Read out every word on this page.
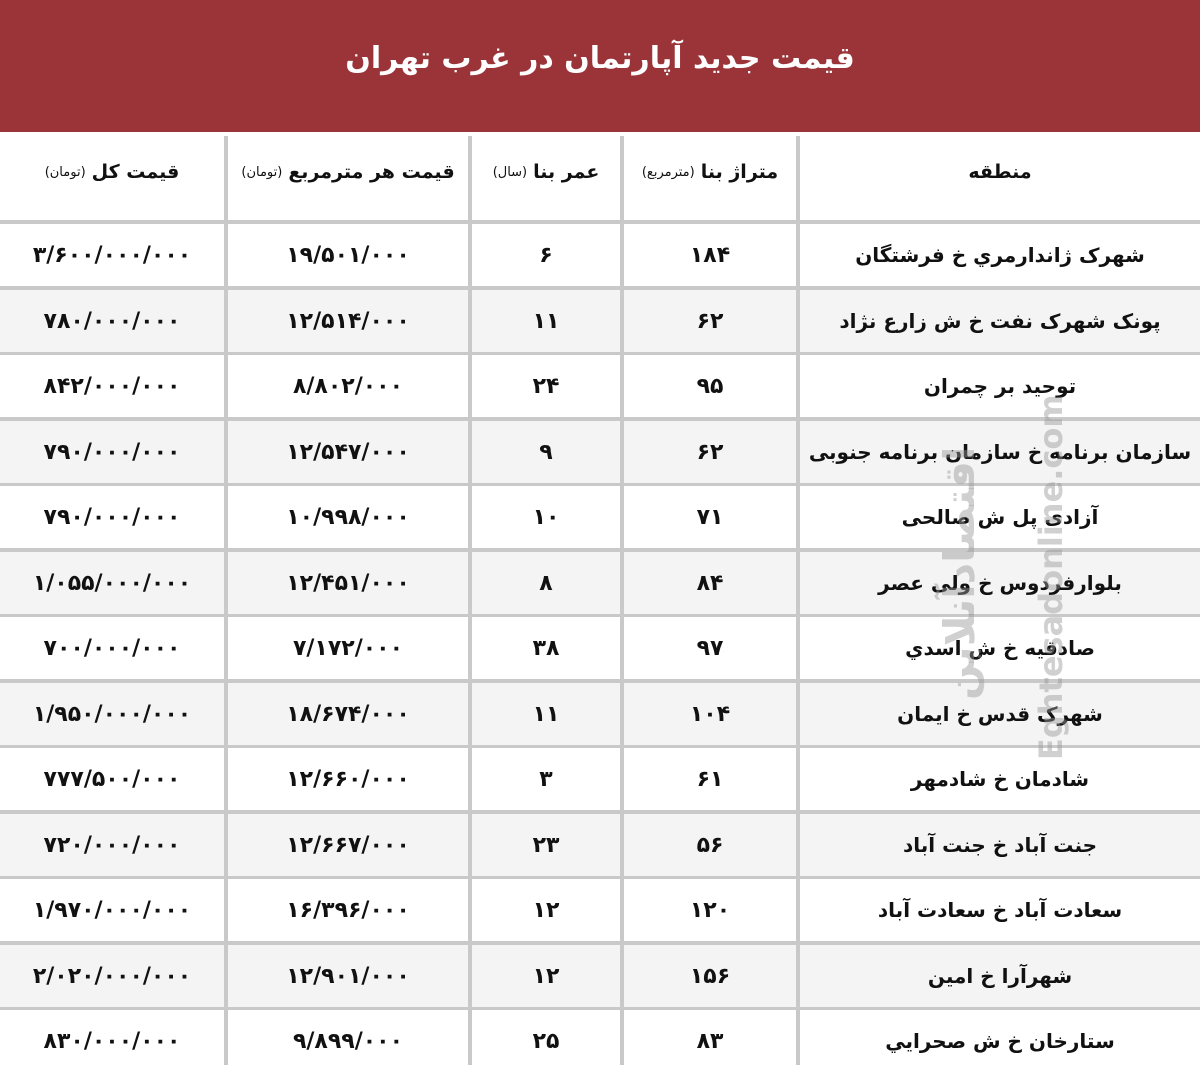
قیمت جدید آپارتمان در غرب تهران
منطقه
متراژ بنا
(مترمربع)
عمر بنا
(سال)
قیمت هر مترمربع
(تومان)
قیمت کل
(تومان)
شهرک ژاندارمري خ فرشتگان
۱۸۴
۶
۱۹/۵۰۱/۰۰۰
۳/۶۰۰/۰۰۰/۰۰۰
پونک شهرک نفت خ ش زارع نژاد
۶۲
۱۱
۱۲/۵۱۴/۰۰۰
۷۸۰/۰۰۰/۰۰۰
توحید بر چمران
۹۵
۲۴
۸/۸۰۲/۰۰۰
۸۴۲/۰۰۰/۰۰۰
سازمان برنامه خ سازمان برنامه جنوبی
۶۲
۹
۱۲/۵۴۷/۰۰۰
۷۹۰/۰۰۰/۰۰۰
آزادی پل ش صالحی
۷۱
۱۰
۱۰/۹۹۸/۰۰۰
۷۹۰/۰۰۰/۰۰۰
بلوارفردوس خ ولی عصر
۸۴
۸
۱۲/۴۵۱/۰۰۰
۱/۰۵۵/۰۰۰/۰۰۰
صادقیه خ ش اسدي
۹۷
۳۸
۷/۱۷۲/۰۰۰
۷۰۰/۰۰۰/۰۰۰
شهرک قدس خ ایمان
۱۰۴
۱۱
۱۸/۶۷۴/۰۰۰
۱/۹۵۰/۰۰۰/۰۰۰
شادمان خ شادمهر
۶۱
۳
۱۲/۶۶۰/۰۰۰
۷۷۷/۵۰۰/۰۰۰
جنت آباد خ جنت آباد
۵۶
۲۳
۱۲/۶۶۷/۰۰۰
۷۲۰/۰۰۰/۰۰۰
سعادت آباد خ سعادت آباد
۱۲۰
۱۲
۱۶/۳۹۶/۰۰۰
۱/۹۷۰/۰۰۰/۰۰۰
شهرآرا خ امین
۱۵۶
۱۲
۱۲/۹۰۱/۰۰۰
۲/۰۲۰/۰۰۰/۰۰۰
ستارخان خ ش صحرایي
۸۳
۲۵
۹/۸۹۹/۰۰۰
۸۳۰/۰۰۰/۰۰۰
Eghtesadonline.com
اقتصادآنلاین
